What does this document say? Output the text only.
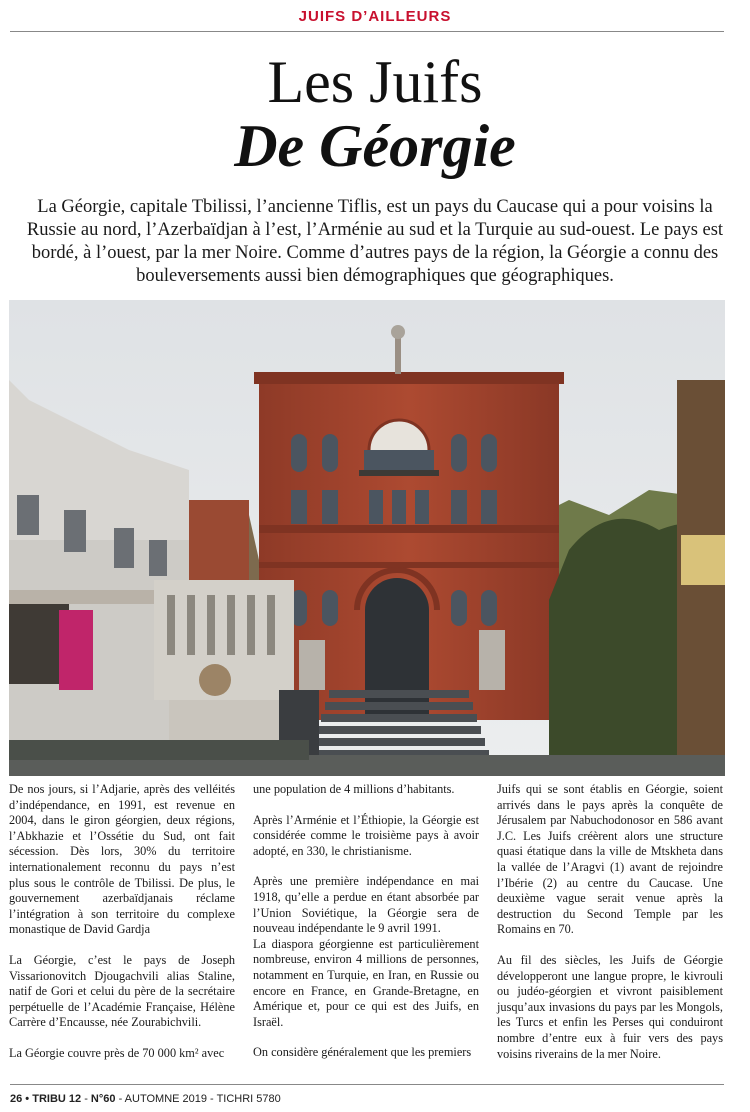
JUIFS D’AILLEURS
Les Juifs
De Géorgie
La Géorgie, capitale Tbilissi, l’ancienne Tiflis, est un pays du Caucase qui a pour voisins la Russie au nord, l’Azerbaïdjan à l’est, l’Arménie au sud et la Turquie au sud-ouest. Le pays est bordé, à l’ouest, par la mer Noire. Comme d’autres pays de la région, la Géorgie a connu des bouleversements aussi bien démographiques que géographiques.

De nos jours, si l’Adjarie, après des velléités d’indépendance, en 1991, est revenue en 2004, dans le giron géorgien, deux régions, l’Abkhazie et l’Ossétie du Sud, ont fait sécession. Dès lors, 30% du territoire internationalement reconnu du pays n’est plus sous le contrôle de Tbilissi. De plus, le gouvernement azerbaïdjanais réclame l’intégration à son territoire du complexe monastique de David Gardja

La Géorgie, c’est le pays de Joseph Vissarionovitch Djougachvili alias Staline, natif de Gori et celui du père de la secrétaire perpétuelle de l’Académie Française, Hélène Carrère d’Encausse, née Zourabichvili.

La Géorgie couvre près de 70 000 km² avec

une population de 4 millions d’habitants.

Après l’Arménie et l’Éthiopie, la Géorgie est considérée comme le troisième pays à avoir adopté, en 330, le christianisme.

Après une première indépendance en mai 1918, qu’elle a perdue en étant absorbée par l’Union Soviétique, la Géorgie sera de nouveau indépendante le 9 avril 1991.

La diaspora géorgienne est particulièrement nombreuse, environ 4 millions de personnes, notamment en Turquie, en Iran, en Russie ou encore en France, en Grande-Bretagne, en Amérique et, pour ce qui est des Juifs, en Israël.

On considère généralement que les premiers

Juifs qui se sont établis en Géorgie, soient arrivés dans le pays après la conquête de Jérusalem par Nabuchodonosor en 586 avant J.C. Les Juifs créèrent alors une structure quasi étatique dans la ville de Mtskheta dans la vallée de l’Aragvi (1) avant de rejoindre l’Ibérie (2) au centre du Caucase. Une deuxième vague serait venue après la destruction du Second Temple par les Romains en 70.

Au fil des siècles, les Juifs de Géorgie développeront une langue propre, le kivrouli ou judéo-géorgien et vivront paisiblement jusqu’aux invasions du pays par les Mongols, les Turcs et enfin les Perses qui conduiront nombre d’entre eux à fuir vers des pays voisins riverains de la mer Noire.

26 • TRIBU 12 - N°60 - AUTOMNE 2019 - TICHRI 5780
